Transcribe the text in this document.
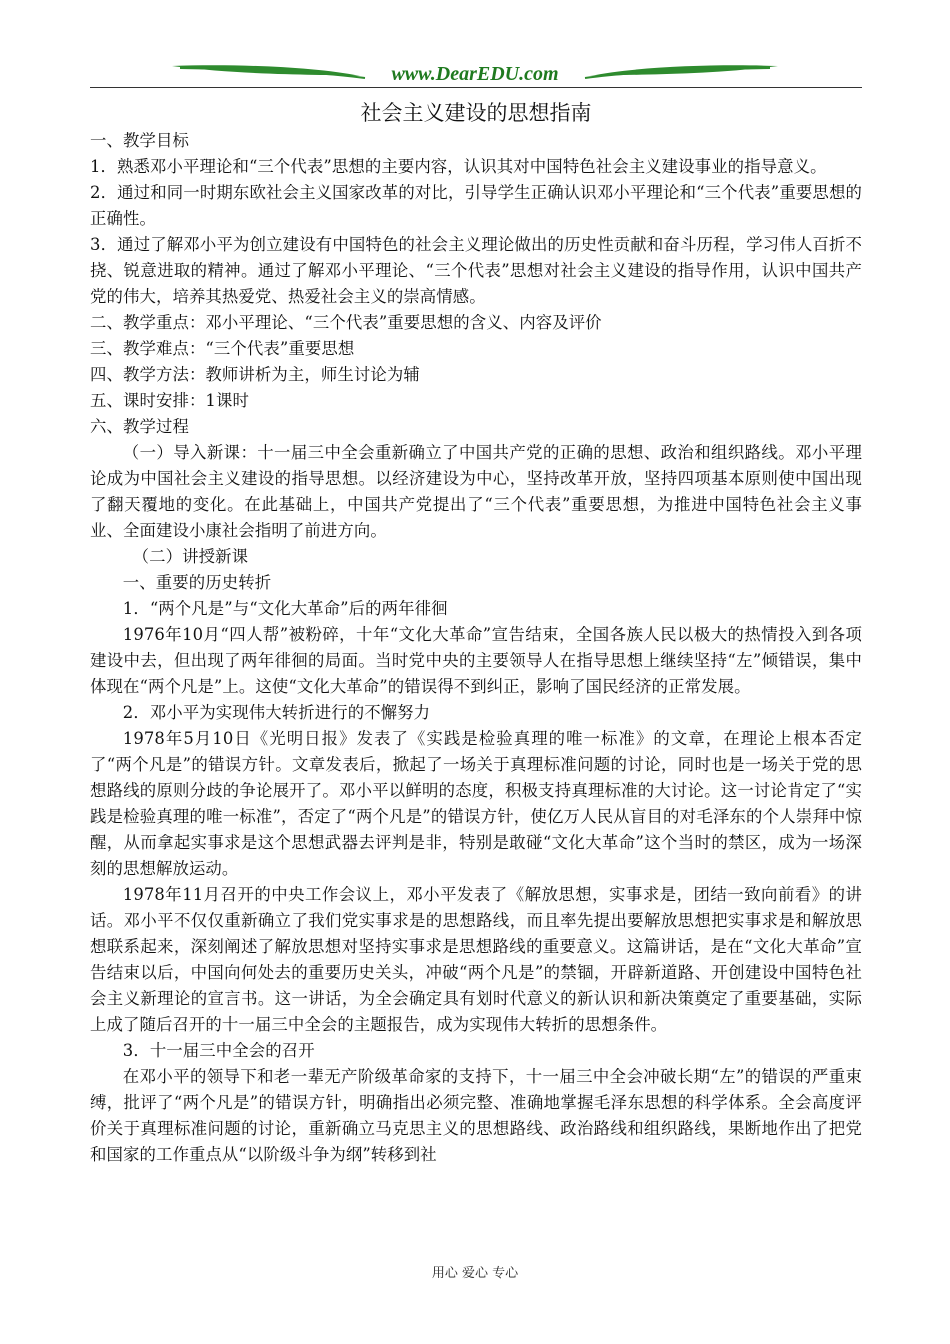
www.DearEDU.com
社会主义建设的思想指南

一、教学目标

1．熟悉邓小平理论和“三个代表”思想的主要内容，认识其对中国特色社会主义建设事业的指导意义。

2．通过和同一时期东欧社会主义国家改革的对比，引导学生正确认识邓小平理论和“三个代表”重要思想的正确性。

3．通过了解邓小平为创立建设有中国特色的社会主义理论做出的历史性贡献和奋斗历程，学习伟人百折不挠、锐意进取的精神。通过了解邓小平理论、“三个代表”思想对社会主义建设的指导作用，认识中国共产党的伟大，培养其热爱党、热爱社会主义的崇高情感。

二、教学重点：邓小平理论、“三个代表”重要思想的含义、内容及评价

三、教学难点：“三个代表”重要思想

四、教学方法：教师讲析为主，师生讨论为辅

五、课时安排：1课时

六、教学过程

（一）导入新课：十一届三中全会重新确立了中国共产党的正确的思想、政治和组织路线。邓小平理论成为中国社会主义建设的指导思想。以经济建设为中心，坚持改革开放，坚持四项基本原则使中国出现了翻天覆地的变化。在此基础上，中国共产党提出了“三个代表”重要思想，为推进中国特色社会主义事业、全面建设小康社会指明了前进方向。

（二）讲授新课

一、重要的历史转折

1．“两个凡是”与“文化大革命”后的两年徘徊

1976年10月“四人帮”被粉碎，十年“文化大革命”宣告结束，全国各族人民以极大的热情投入到各项建设中去，但出现了两年徘徊的局面。当时党中央的主要领导人在指导思想上继续坚持“左”倾错误，集中体现在“两个凡是”上。这使“文化大革命”的错误得不到纠正，影响了国民经济的正常发展。

2．邓小平为实现伟大转折进行的不懈努力

1978年5月10日《光明日报》发表了《实践是检验真理的唯一标准》的文章，在理论上根本否定了“两个凡是”的错误方针。文章发表后，掀起了一场关于真理标准问题的讨论，同时也是一场关于党的思想路线的原则分歧的争论展开了。邓小平以鲜明的态度，积极支持真理标准的大讨论。这一讨论肯定了“实践是检验真理的唯一标准”，否定了“两个凡是”的错误方针，使亿万人民从盲目的对毛泽东的个人崇拜中惊醒，从而拿起实事求是这个思想武器去评判是非，特别是敢碰“文化大革命”这个当时的禁区，成为一场深刻的思想解放运动。

1978年11月召开的中央工作会议上，邓小平发表了《解放思想，实事求是，团结一致向前看》的讲话。邓小平不仅仅重新确立了我们党实事求是的思想路线，而且率先提出要解放思想把实事求是和解放思想联系起来，深刻阐述了解放思想对坚持实事求是思想路线的重要意义。这篇讲话，是在“文化大革命”宣告结束以后，中国向何处去的重要历史关头，冲破“两个凡是”的禁锢，开辟新道路、开创建设中国特色社会主义新理论的宣言书。这一讲话，为全会确定具有划时代意义的新认识和新决策奠定了重要基础，实际上成了随后召开的十一届三中全会的主题报告，成为实现伟大转折的思想条件。

3．十一届三中全会的召开

在邓小平的领导下和老一辈无产阶级革命家的支持下，十一届三中全会冲破长期“左”的错误的严重束缚，批评了“两个凡是”的错误方针，明确指出必须完整、准确地掌握毛泽东思想的科学体系。全会高度评价关于真理标准问题的讨论，重新确立马克思主义的思想路线、政治路线和组织路线，果断地作出了把党和国家的工作重点从“以阶级斗争为纲”转移到社

用心 爱心 专心
